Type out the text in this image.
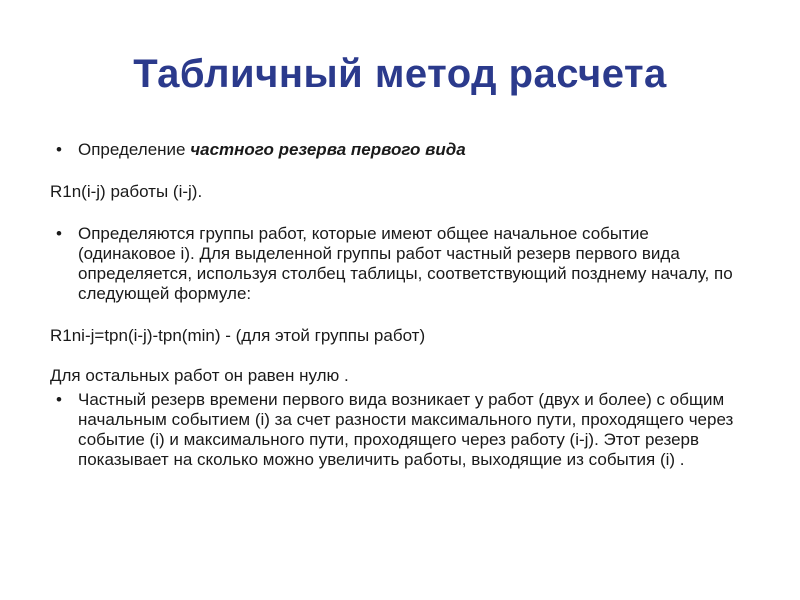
Табличный метод расчета
• Определение частного резерва первого вида
R1n(i-j) работы (i-j).
• Определяются группы работ, которые имеют общее начальное событие (одинаковое i). Для выделенной группы работ частный резерв первого вида определяется, используя столбец таблицы, соответствующий позднему началу, по следующей формуле:
R1ni-j=tpn(i-j)-tpn(min) - (для этой группы работ)
Для остальных работ он равен нулю .
• Частный резерв времени первого вида возникает у работ (двух и более) с общим начальным событием (i) за счет разности максимального пути, проходящего через событие (i) и максимального пути, проходящего через работу (i-j). Этот резерв показывает на сколько можно увеличить работы, выходящие из события (i) .
